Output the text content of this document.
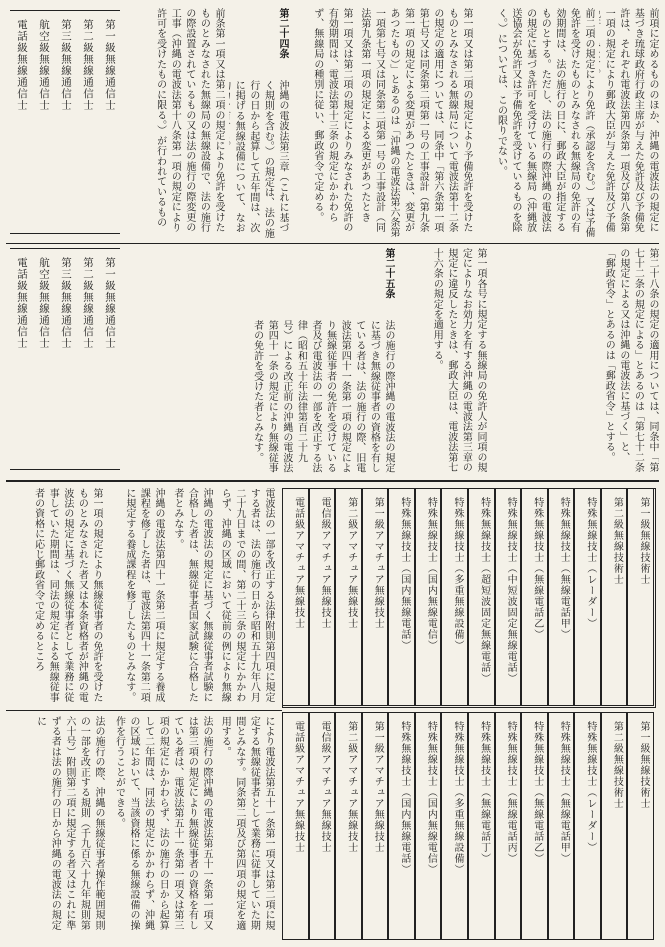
前項に定めるもののほか、沖縄の電波法の規定に基づき琉球政府行政主席が与えた免許及び予備免許は、それぞれ電波法第四条第一項及び第八条第一項の規定により郵政大臣が与えた免許及び予備
前二項の規定により免許（承認を含む。）又は予備免許を受けたものとみなされる無線局の免許の有効期間は、法の施行の日に、郵政大臣が指定するものとする。ただし、法の施行の際沖縄の電波法の規定に基づき許可を受けている無線局（沖縄放送協会が免許又は予備免許を受けているものを除く。）については、この限りでない。
第一項又は第二項の規定により予備免許を受けたものとみなされる無線局について電波法第十二条の規定の適用については、同条中「第六条第一項第七号又は同条第二項第一号の工事設計（第九条第一項の規定による変更があつたときは、変更があつたもの）」とあるのは「沖縄の電波法第六条第一項第七号又は同条第二項第一号の工事設計（同法第九条第一項の規定による変更があつたとき
第一項又は第二項の規定によりみなされた免許の有効期間は、電波法第十三条の規定にかかわらず、無線局の種別に従い、郵政省令で定める。
第二十四条
沖縄の電波法第三章（これに基づく規則を含む。）の規定は、法の施行の日から起算して五年間は、次に掲げる無線設備について、なお
前条第一項又は第二項の規定により免許を受けたものとみなされた無線局の無線設備で、法の施行の際設置されているもの又は法の施行の際変更の工事（沖縄の電波法第十八条第一項の規定により許可を受けたものに限る。）が行われているもの
第一級無線通信士
第二級無線通信士
第三級無線通信士
航空級無線通信士
電話級無線通信士
第二十八条の規定の適用については、同条中「第七十二条の規定による」とあるのは「第七十二条の規定による又は沖縄の電波法に基づく」と、「郵政省令」とあるのは「郵政省令」とする。
第一項各号に規定する無線局の免許人が同項の規定によりなお効力を有する沖縄の電波法第三章の規定に違反したときは、郵政大臣は、電波法第七十六条の規定を適用する。
第二十五条
法の施行の際沖縄の電波法の規定に基づき無線従事者の資格を有している者は、法の施行の際、旧電波法第四十一条第一項の規定により無線従事者の免許を受けている者及び電波法の一部を改正する法律（昭和五十年法律第百二十九号）による改正前の沖縄の電波法第四十一条の規定により無線従事者の免許を受けた者とみなす。
第一級無線通信士
第二級無線通信士
第三級無線通信士
航空級無線通信士
電話級無線通信士
電波法の一部を改正する法律附則第四項に規定する者は、法の施行の日から昭和五十九年八月二十九日までの間、第二十三条の規定にかかわらず、沖縄の区域において従前の例により無線
沖縄の電波法の規定に基づく無線従事者試験に合格した者は、無線従事者国家試験に合格した者とみなす。
沖縄の電波法第四十一条第二項に規定する養成課程を修了した者は、電波法第四十一条第二項に規定する養成課程を修了したものとみなす。
第一項の規定により無線従事者の免許を受けたものとみなされた者又は本条資格者が沖縄の電波法の規定に基づく無線従事者として業務に従事していた期間は、同法の規定による無線従事者の資格に応じ郵政省令で定めるところ
により電波法第五十一条第一項又は第二項に規定する無線従事者として業務に従事していた期間とみなす。同条第二項及び第四項の規定を適用する。
法の施行の際沖縄の電波法第五十一条第一項又は第三項の規定により無線従事者の資格を有している者は、電波法第五十一条第一項又は第三項の規定にかかわらず、法の施行の日から起算して二年間は、同法の規定にかかわらず、沖縄の区域において、当該資格に係る無線設備の操作を行うことができる。
法の施行の際、沖縄の無線従事者操作範囲規則の一部を改正する規則（千九百六十九年規則第六十号）附則第二項に規定する者又はこれに準ずる者は法の施行の日から沖縄の電波法の規定に
第一級無線技術士
第二級無線技術士
特殊無線技士（レーダー）
特殊無線技士（無線電話甲）
特殊無線技士（無線電話乙）
特殊無線技士（中短波固定無線電話）
特殊無線技士（超短波固定無線電話）
特殊無線技士（多重無線設備）
特殊無線技士（国内無線電信）
特殊無線技士（国内無線電話）
第一級アマチュア無線技士
第二級アマチュア無線技士
電信級アマチュア無線技士
電話級アマチュア無線技士
第一級無線技術士
第二級無線技術士
特殊無線技士（レーダー）
特殊無線技士（無線電話甲）
特殊無線技士（無線電話乙）
特殊無線技士（無線電話丙）
特殊無線技士（無線電話丁）
特殊無線技士（多重無線設備）
特殊無線技士（国内無線電信）
特殊無線技士（国内無線電話）
第一級アマチュア無線技士
第二級アマチュア無線技士
電信級アマチュア無線技士
電話級アマチュア無線技士
